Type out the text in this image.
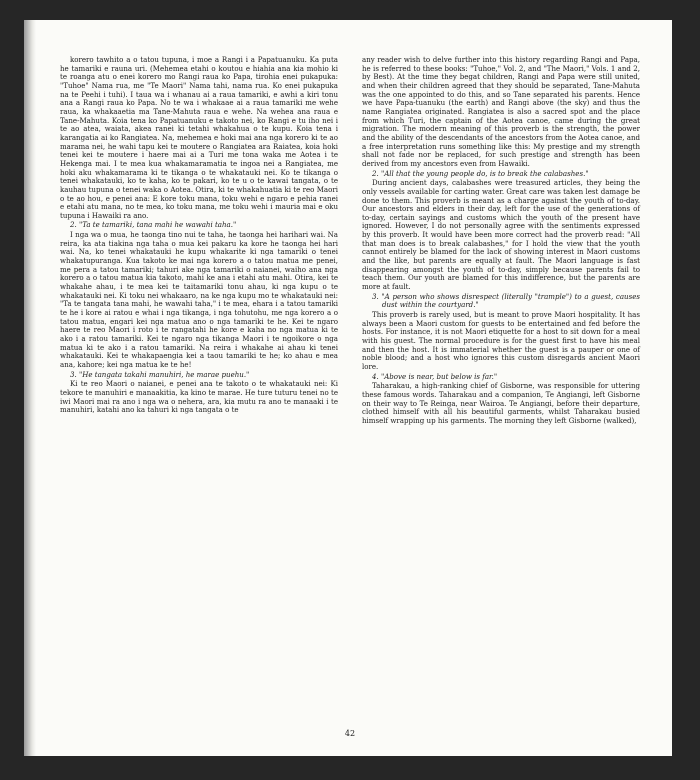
korero tawhito a o tatou tupuna, i moe a Rangi i a Papatuanuku. Ka puta he tamariki e rauna uri. (Mehemea etahi o koutou e hiahia ana kia mohio ki te roanga atu o enei korero mo Rangi raua ko Papa, tirohia enei pukapuka: "Tuhoe" Nama rua, me "Te Maori" Nama tahi, nama rua. Ko enei pukapuka na te Peehi i tuhi). I taua wa i whanau ai a raua tamariki, e awhi a kiri tonu ana a Rangi raua ko Papa. No te wa i whakaae ai a raua tamariki me wehe raua, ka whakaaetia ma Tane-Mahuta raua e wehe. Na wehea ana raua e Tane-Mahuta. Koia tena ko Papatuanuku e takoto nei, ko Rangi e tu iho nei i te ao atea, waiata, akea ranei ki tetahi whakahua o te kupu. Koia tena i karangatia ai ko Rangiatea. Na, mehemea e hoki mai ana nga korero ki te ao marama nei, he wahi tapu kei te moutere o Rangiatea ara Raiatea, koia hoki tenei kei te moutere i haere mai ai a Turi me tona waka me Aotea i te Hekenga mai. I te mea kua whakamaramatia te ingoa nei a Rangiatea, me hoki aku whakamarama ki te tikanga o te whakatauki nei. Ko te tikanga o tenei whakatauki, ko te kaha, ko te pakari, ko te u o te kawai tangata, o te kauhau tupuna o tenei waka o Aotea. Otira, ki te whakahuatia ki te reo Maori o te ao hou, e penei ana: E kore toku mana, toku wehi e ngaro e pehia ranei e etahi atu mana, no te mea, ko toku mana, me toku wehi i mauria mai e oku tupuna i Hawaiki ra ano.

2. "Ta te tamariki, tana mahi he wawahi taha."

I nga wa o mua, he taonga tino nui te taha, he taonga hei harihari wai. Na reira, ka ata tiakina nga taha o mua kei pakaru ka kore he taonga hei hari wai. Na, ko tenei whakatauki he kupu whakarite ki nga tamariki o tenei whakatupuranga. Kua takoto ke mai nga korero a o tatou matua me penei, me pera a tatou tamariki; tahuri ake nga tamariki o naianei, waiho ana nga korero a o tatou matua kia takoto, mahi ke ana i etahi atu mahi. Otira, kei te whakahe ahau, i te mea kei te taitamariki tonu ahau, ki nga kupu o te whakatauki nei. Ki toku nei whakaaro, na ke nga kupu mo te whakatauki nei: "Ta te tangata tana mahi, he wawahi taha," i te mea, ehara i a tatou tamariki te he i kore ai ratou e whai i nga tikanga, i nga tohutohu, me nga korero a o tatou matua, engari kei nga matua ano o nga tamariki te he. Kei te ngaro haere te reo Maori i roto i te rangatahi he kore e kaha no nga matua ki te ako i a ratou tamariki. Kei te ngaro nga tikanga Maori i te ngoikore o nga matua ki te ako i a ratou tamariki. Na reira i whakahe ai ahau ki tenei whakatauki. Kei te whakapaengia kei a taou tamariki te he; ko ahau e mea ana, kahore; kei nga matua ke te he!

3. "He tangata takahi manuhiri, he marae puehu."

Ki te reo Maori o naianei, e penei ana te takoto o te whakatauki nei: Ki tekore te manuhiri e manaakitia, ka kino te marae. He ture tuturu tenei no te iwi Maori mai ra ano i nga wa o nehera, ara, kia mutu ra ano te manaaki i te manuhiri, katahi ano ka tahuri ki nga tangata o te

any reader wish to delve further into this history regarding Rangi and Papa, he is referred to these books: "Tuhoe," Vol. 2, and "The Maori," Vols. 1 and 2, by Best). At the time they begat children, Rangi and Papa were still united, and when their children agreed that they should be separated, Tane-Mahuta was the one appointed to do this, and so Tane separated his parents. Hence we have Papa-tuanuku (the earth) and Rangi above (the sky) and thus the name Rangiatea originated. Rangiatea is also a sacred spot and the place from which Turi, the captain of the Aotea canoe, came during the great migration. The modern meaning of this proverb is the strength, the power and the ability of the descendants of the ancestors from the Aotea canoe, and a free interpretation runs something like this: My prestige and my strength shall not fade nor be replaced, for such prestige and strength has been derived from my ancestors even from Hawaiki.

2. "All that the young people do, is to break the calabashes."

During ancient days, calabashes were treasured articles, they being the only vessels available for carting water. Great care was taken lest damage be done to them. This proverb is meant as a charge against the youth of to-day. Our ancestors and elders in their day, left for the use of the generations of to-day, certain sayings and customs which the youth of the present have ignored. However, I do not personally agree with the sentiments expressed by this proverb. It would have been more correct had the proverb read: "All that man does is to break calabashes," for I hold the view that the youth cannot entirely be blamed for the lack of showing interest in Maori customs and the like, but parents are equally at fault. The Maori language is fast disappearing amongst the youth of to-day, simply because parents fail to teach them. Our youth are blamed for this indifference, but the parents are more at fault.

3. "A person who shows disrespect (literally "trample") to a guest, causes dust within the courtyard."

This proverb is rarely used, but is meant to prove Maori hospitality. It has always been a Maori custom for guests to be entertained and fed before the hosts. For instance, it is not Maori etiquette for a host to sit down for a meal with his guest. The normal procedure is for the guest first to have his meal and then the host. It is immaterial whether the guest is a pauper or one of noble blood; and a host who ignores this custom disregards ancient Maori lore.

4. "Above is near, but below is far."

Taharakau, a high-ranking chief of Gisborne, was responsible for uttering these famous words. Taharakau and a companion, Te Angiangi, left Gisborne on their way to Te Reinga, near Wairoa. Te Angiangi, before their departure, clothed himself with all his beautiful garments, whilst Taharakau busied himself wrapping up his garments. The morning they left Gisborne (walked),

42
